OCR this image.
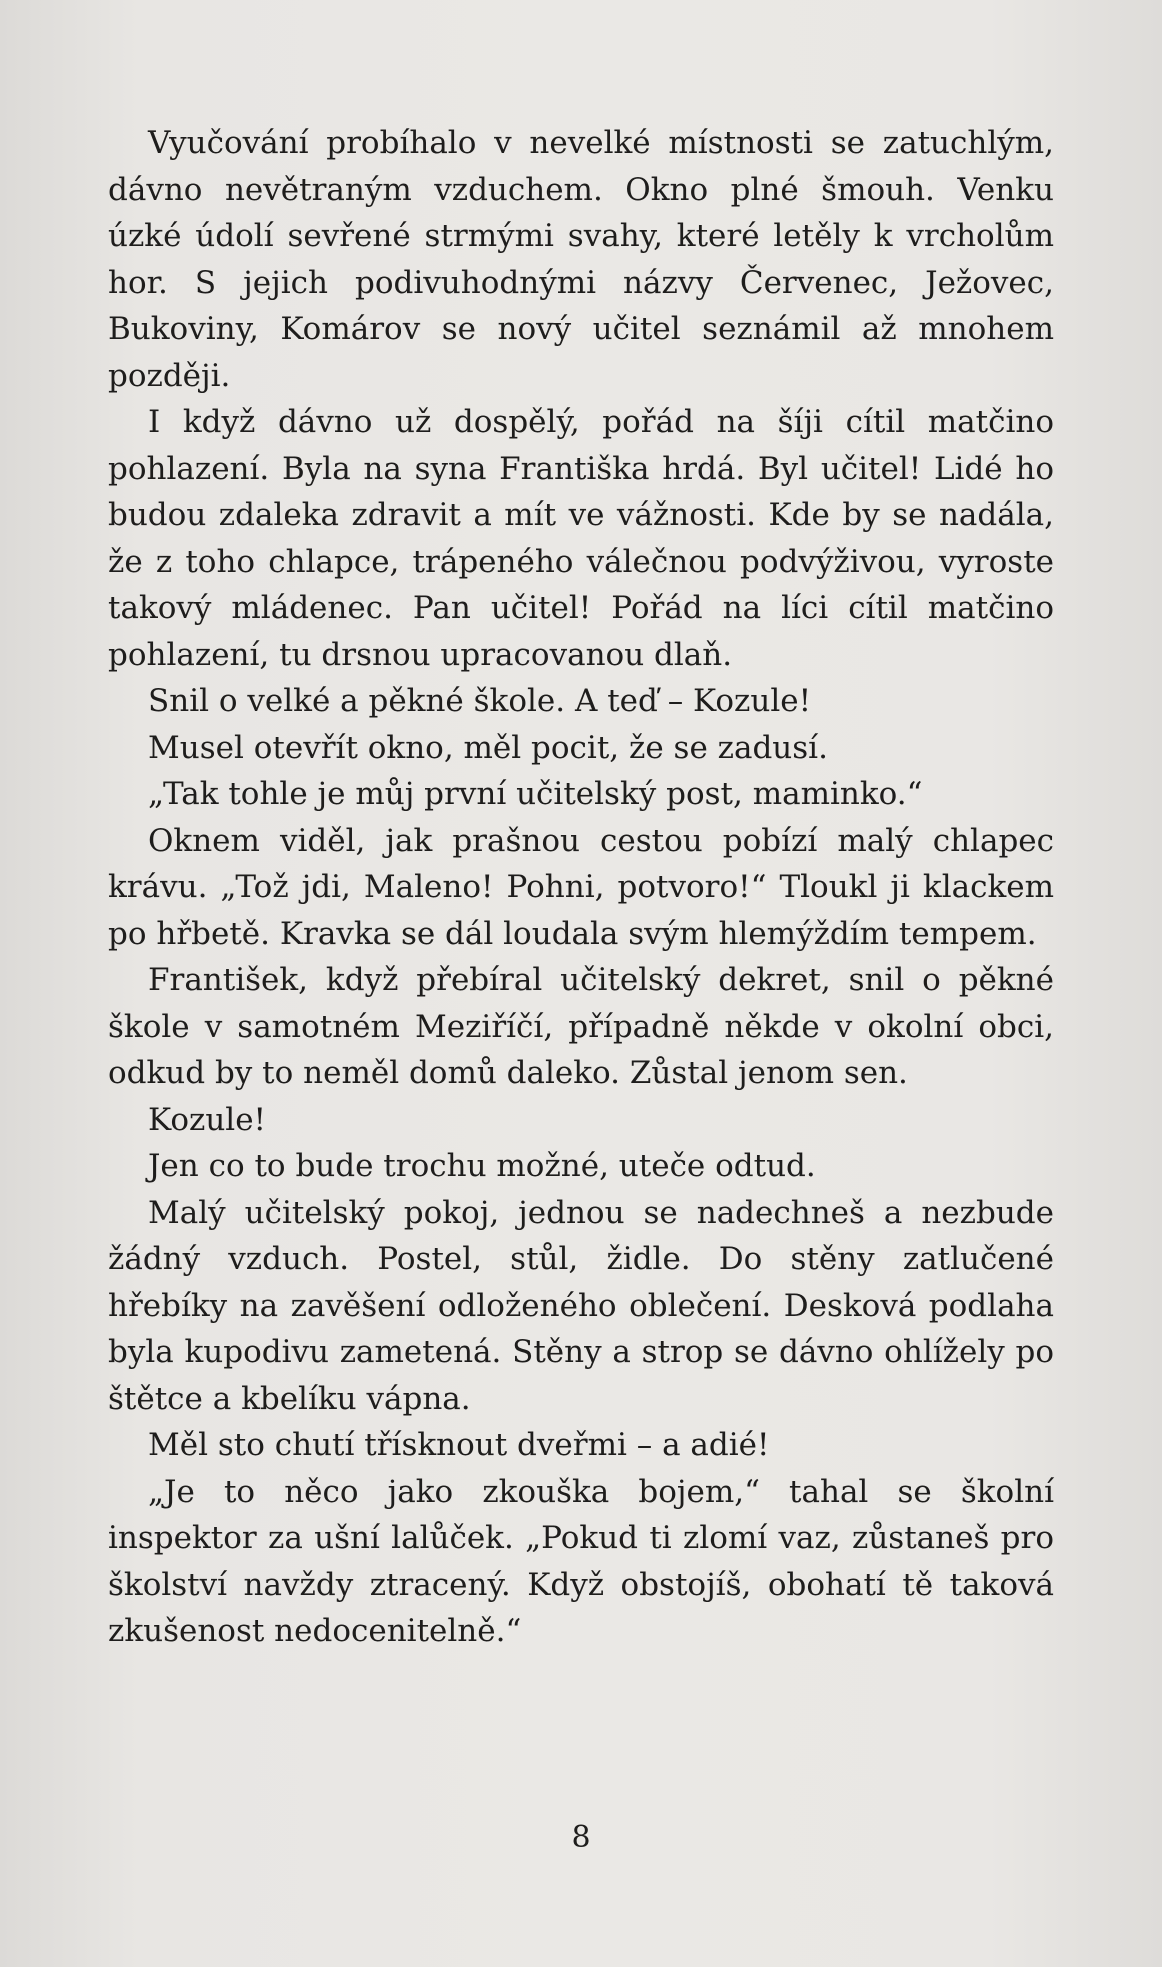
Vyučování probíhalo v nevelké místnosti se zatuchlým, dávno nevětraným vzduchem. Okno plné šmouh. Venku úzké údolí sevřené strmými svahy, které letěly k vrcholům hor. S jejich podivuhodnými názvy Červenec, Ježovec, Bukoviny, Komárov se nový učitel seznámil až mnohem později.

I když dávno už dospělý, pořád na šíji cítil matčino pohlazení. Byla na syna Františka hrdá. Byl učitel! Lidé ho budou zdaleka zdravit a mít ve vážnosti. Kde by se nadála, že z toho chlapce, trápeného válečnou podvýživou, vyroste takový mládenec. Pan učitel! Pořád na líci cítil matčino pohlazení, tu drsnou upracovanou dlaň.

Snil o velké a pěkné škole. A teď – Kozule!

Musel otevřít okno, měl pocit, že se zadusí.

„Tak tohle je můj první učitelský post, maminko.“

Oknem viděl, jak prašnou cestou pobízí malý chlapec krávu. „Tož jdi, Maleno! Pohni, potvoro!“ Tloukl ji klackem po hřbetě. Kravka se dál loudala svým hlemýždím tempem.

František, když přebíral učitelský dekret, snil o pěkné škole v samotném Meziříčí, případně někde v okolní obci, odkud by to neměl domů daleko. Zůstal jenom sen.

Kozule!

Jen co to bude trochu možné, uteče odtud.

Malý učitelský pokoj, jednou se nadechneš a nezbude žádný vzduch. Postel, stůl, židle. Do stěny zatlučené hřebíky na zavěšení odloženého oblečení. Desková podlaha byla kupodivu zametená. Stěny a strop se dávno ohlížely po štětce a kbelíku vápna.

Měl sto chutí třísknout dveřmi – a adié!

„Je to něco jako zkouška bojem,“ tahal se školní inspektor za ušní lalůček. „Pokud ti zlomí vaz, zůstaneš pro školství navždy ztracený. Když obstojíš, obohatí tě taková zkušenost nedocenitelně.“

8
